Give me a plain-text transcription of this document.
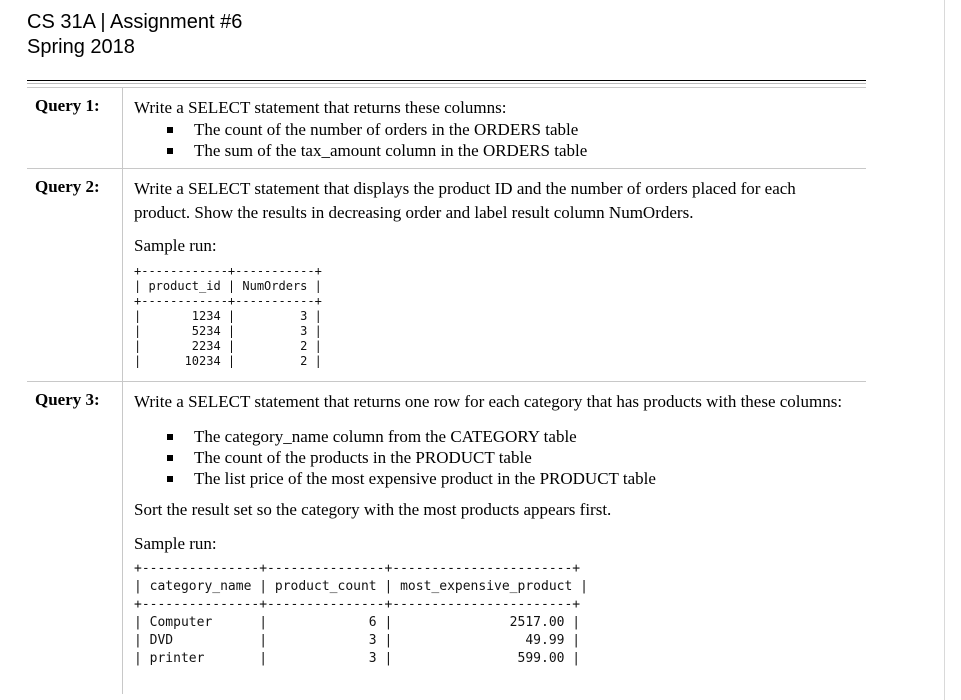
CS 31A | Assignment #6
Spring 2018
Query 1: Write a SELECT statement that returns these columns:

The count of the number of orders in the ORDERS table
The sum of the tax_amount column in the ORDERS table
Query 2: Write a SELECT statement that displays the product ID and the number of orders placed for each product. Show the results in decreasing order and label result column NumOrders.

Sample run:

+------------+-----------+
| product_id | NumOrders |
+------------+-----------+
|       1234 |         3 |
|       5234 |         3 |
|       2234 |         2 |
|      10234 |         2 |
Query 3: Write a SELECT statement that returns one row for each category that has products with these columns:

The category_name column from the CATEGORY table
The count of the products in the PRODUCT table
The list price of the most expensive product in the PRODUCT table

Sort the result set so the category with the most products appears first.

Sample run:

+---------------+---------------+-----------------------+
| category_name | product_count | most_expensive_product |
+---------------+---------------+-----------------------+
| Computer      |             6 |               2517.00 |
| DVD           |             3 |                 49.99 |
| printer       |             3 |                599.00 |
